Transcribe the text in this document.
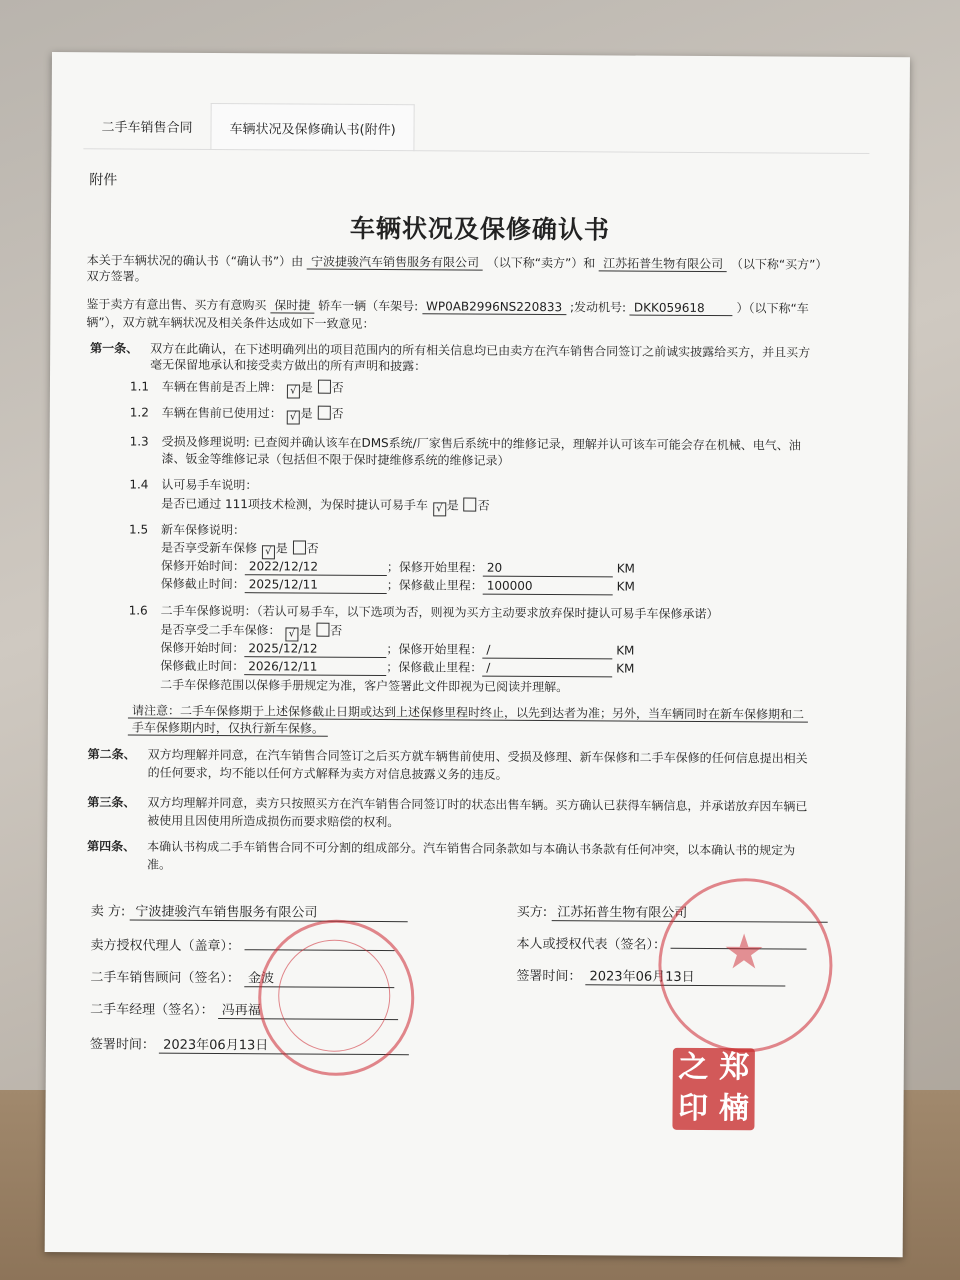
二手车销售合同	车辆状况及保修确认书(附件)
附件
车辆状况及保修确认书
本关于车辆状况的确认书（“确认书”）由 宁波捷骏汽车销售服务有限公司 （以下称“卖方”）和 江苏拓普生物有限公司 （以下称“买方”）
双方签署。
鉴于卖方有意出售、买方有意购买 保时捷 轿车一辆（车架号: WP0AB2996NS220833 ;发动机号: DKK059618	）（以下称“车
辆”），双方就车辆状况及相关条件达成如下一致意见：
第一条、 双方在此确认，在下述明确列出的项目范围内的所有相关信息均已由卖方在汽车销售合同签订之前诚实披露给买方，并且买方
毫无保留地承认和接受卖方做出的所有声明和披露：
1.1 车辆在售前是否上牌： √ 是 否
1.2 车辆在售前已使用过： √ 是 否
1.3 受损及修理说明: 已查阅并确认该车在DMS系统/厂家售后系统中的维修记录，理解并认可该车可能会存在机械、电气、油
漆、钣金等维修记录（包括但不限于保时捷维修系统的维修记录）
1.4 认可易手车说明：
是否已通过 111项技术检测，为保时捷认可易手车 √ 是 否
1.5 新车保修说明：
是否享受新车保修 √ 是 否
保修开始时间： 2022/12/12	；保修开始里程： 20	KM
保修截止时间： 2025/12/11	；保修截止里程： 100000	KM
1.6 二手车保修说明：（若认可易手车，以下选项为否，则视为买方主动要求放弃保时捷认可易手车保修承诺）
是否享受二手车保修： √ 是 否
保修开始时间： 2025/12/12	；保修开始里程： /	KM
保修截止时间： 2026/12/11	；保修截止里程： /	KM
二手车保修范围以保修手册规定为准，客户签署此文件即视为已阅读并理解。
请注意：二手车保修期于上述保修截止日期或达到上述保修里程时终止，以先到达者为准；另外，当车辆同时在新车保修期和二
手车保修期内时，仅执行新车保修。
第二条、 双方均理解并同意，在汽车销售合同签订之后买方就车辆售前使用、受损及修理、新车保修和二手车保修的任何信息提出相关
的任何要求，均不能以任何方式解释为卖方对信息披露义务的违反。
第三条、 双方均理解并同意，卖方只按照买方在汽车销售合同签订时的状态出售车辆。买方确认已获得车辆信息，并承诺放弃因车辆已
被使用且因使用所造成损伤而要求赔偿的权利。
第四条、 本确认书构成二手车销售合同不可分割的组成部分。汽车销售合同条款如与本确认书条款有任何冲突，以本确认书的规定为
准。
卖 方: 宁波捷骏汽车销售服务有限公司
卖方授权代理人（盖章）：
二手车销售顾问（签名）： 金波
二手车经理（签名）： 冯再福
签署时间： 2023年06月13日
买方: 江苏拓普生物有限公司
本人或授权代表（签名）：
签署时间： 2023年06月13日 ★
之 郑
印 楠
